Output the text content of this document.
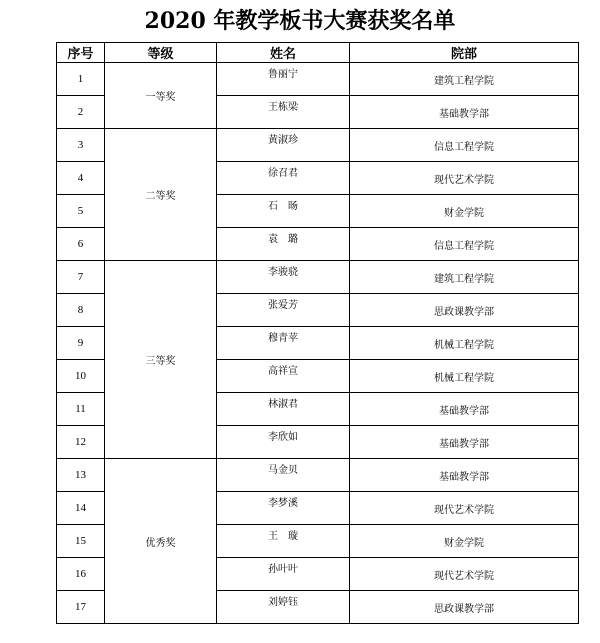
2020 年教学板书大赛获奖名单
序号	等级	姓名	院部
1	一等奖	鲁丽宁	建筑工程学院
2		王栋梁	基础教学部
3	二等奖	黄淑珍	信息工程学院
4		徐召君	现代艺术学院
5		石　旸	财金学院
6		袁　璐	信息工程学院
7	三等奖	李骏骁	建筑工程学院
8		张爱芳	思政课教学部
9		穆青苹	机械工程学院
10		高祥宣	机械工程学院
11		林淑君	基础教学部
12		李欣如	基础教学部
13	优秀奖	马金贝	基础教学部
14		李梦溪	现代艺术学院
15		王　璇	财金学院
16		孙叶叶	现代艺术学院
17		刘婷钰	思政课教学部
